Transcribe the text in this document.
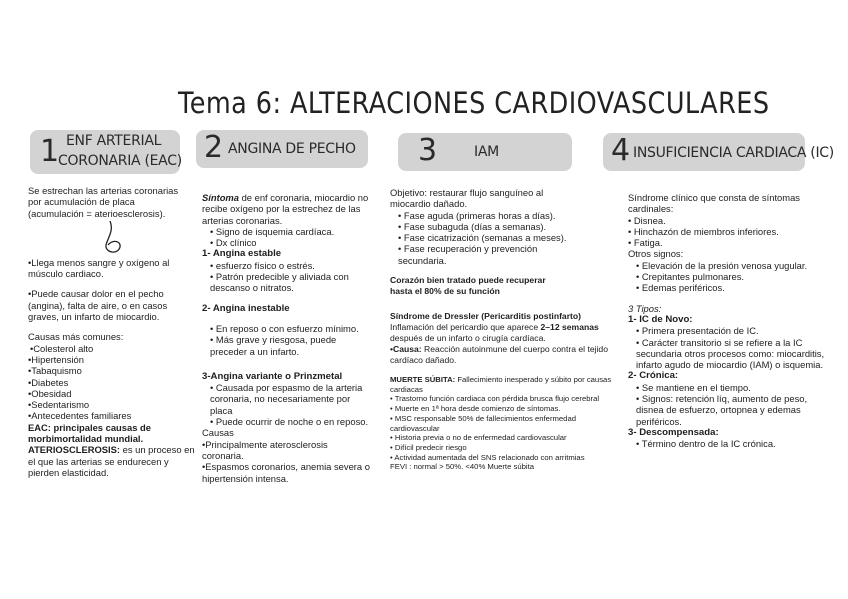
Tema 6: ALTERACIONES CARDIOVASCULARES
1 ENF ARTERIAL
CORONARIA (EAC) 2 ANGINA DE PECHO 3	IAM	4 INSUFICIENCIA CARDIACA (IC)

Se estrechan las arterias coronarias

por acumulación de placa

(acumulación = aterioesclerosis).

•Llega menos sangre y oxígeno al

músculo cardiaco.

•Puede causar dolor en el pecho

(angina), falta de aire, o en casos

graves, un infarto de miocardio.

Causas más comunes:

•Colesterol alto

•Hipertensión

•Tabaquismo

•Diabetes

•Obesidad

•Sedentarismo

•Antecedentes familiares

EAC: principales causas de

morbimortalidad mundial.

ATERIOSCLEROSIS: es un proceso en

el que las arterias se endurecen y

pierden elasticidad.

Síntoma de enf coronaria, miocardio no

recibe oxígeno por la estrechez de las

arterias coronarias.

• Signo de isquemia cardíaca.

• Dx clínico

1- Angina estable

• esfuerzo físico o estrés.

• Patrón predecible y aliviada con

descanso o nitratos.

2- Angina inestable

• En reposo o con esfuerzo mínimo.

• Más grave y riesgosa, puede

preceder a un infarto.

3-Angina variante o Prinzmetal

• Causada por espasmo de la arteria

coronaria, no necesariamente por

placa

• Puede ocurrir de noche o en reposo.

Causas

•Principalmente aterosclerosis

coronaria.

•Espasmos coronarios, anemia severa o

hipertensión intensa.

Objetivo: restaurar flujo sanguíneo al

miocardio dañado.

• Fase aguda (primeras horas a días).

• Fase subaguda (días a semanas).

• Fase cicatrización (semanas a meses).

• Fase recuperación y prevención

secundaria.

Corazón bien tratado puede recuperar

hasta el 80% de su función

Síndrome de Dressler (Pericarditis postinfarto)

Inflamación del pericardio que aparece 2–12 semanas

después de un infarto o cirugía cardíaca.

•Causa: Reacción autoinmune del cuerpo contra el tejido

cardíaco dañado.

MUERTE SÚBITA: Fallecimiento inesperado y súbito por causas

cardiacas

• Trastorno función cardiaca con pérdida brusca flujo cerebral

• Muerte en 1ª hora desde comienzo de síntomas.

• MSC responsable 50% de fallecimientos enfermedad

cardiovascular

• Historia previa o no de enfermedad cardiovascular

• Difícil predecir riesgo

• Actividad aumentada del SNS relacionado con arritmias

FEVI : normal > 50%. <40% Muerte súbita

Síndrome clínico que consta de síntomas

cardinales:

• Disnea.

• Hinchazón de miembros inferiores.

• Fatiga.

Otros signos:

• Elevación de la presión venosa yugular.

• Crepitantes pulmonares.

• Edemas periféricos.

3 Tipos:

1- IC de Novo:

• Primera presentación de IC.

• Carácter transitorio si se refiere a la IC

secundaria otros procesos como: miocarditis,

infarto agudo de miocardio (IAM) o isquemia.

2- Crónica:

• Se mantiene en el tiempo.

• Signos: retención líq, aumento de peso,

disnea de esfuerzo, ortopnea y edemas

periféricos.

3- Descompensada:

• Término dentro de la IC crónica.
